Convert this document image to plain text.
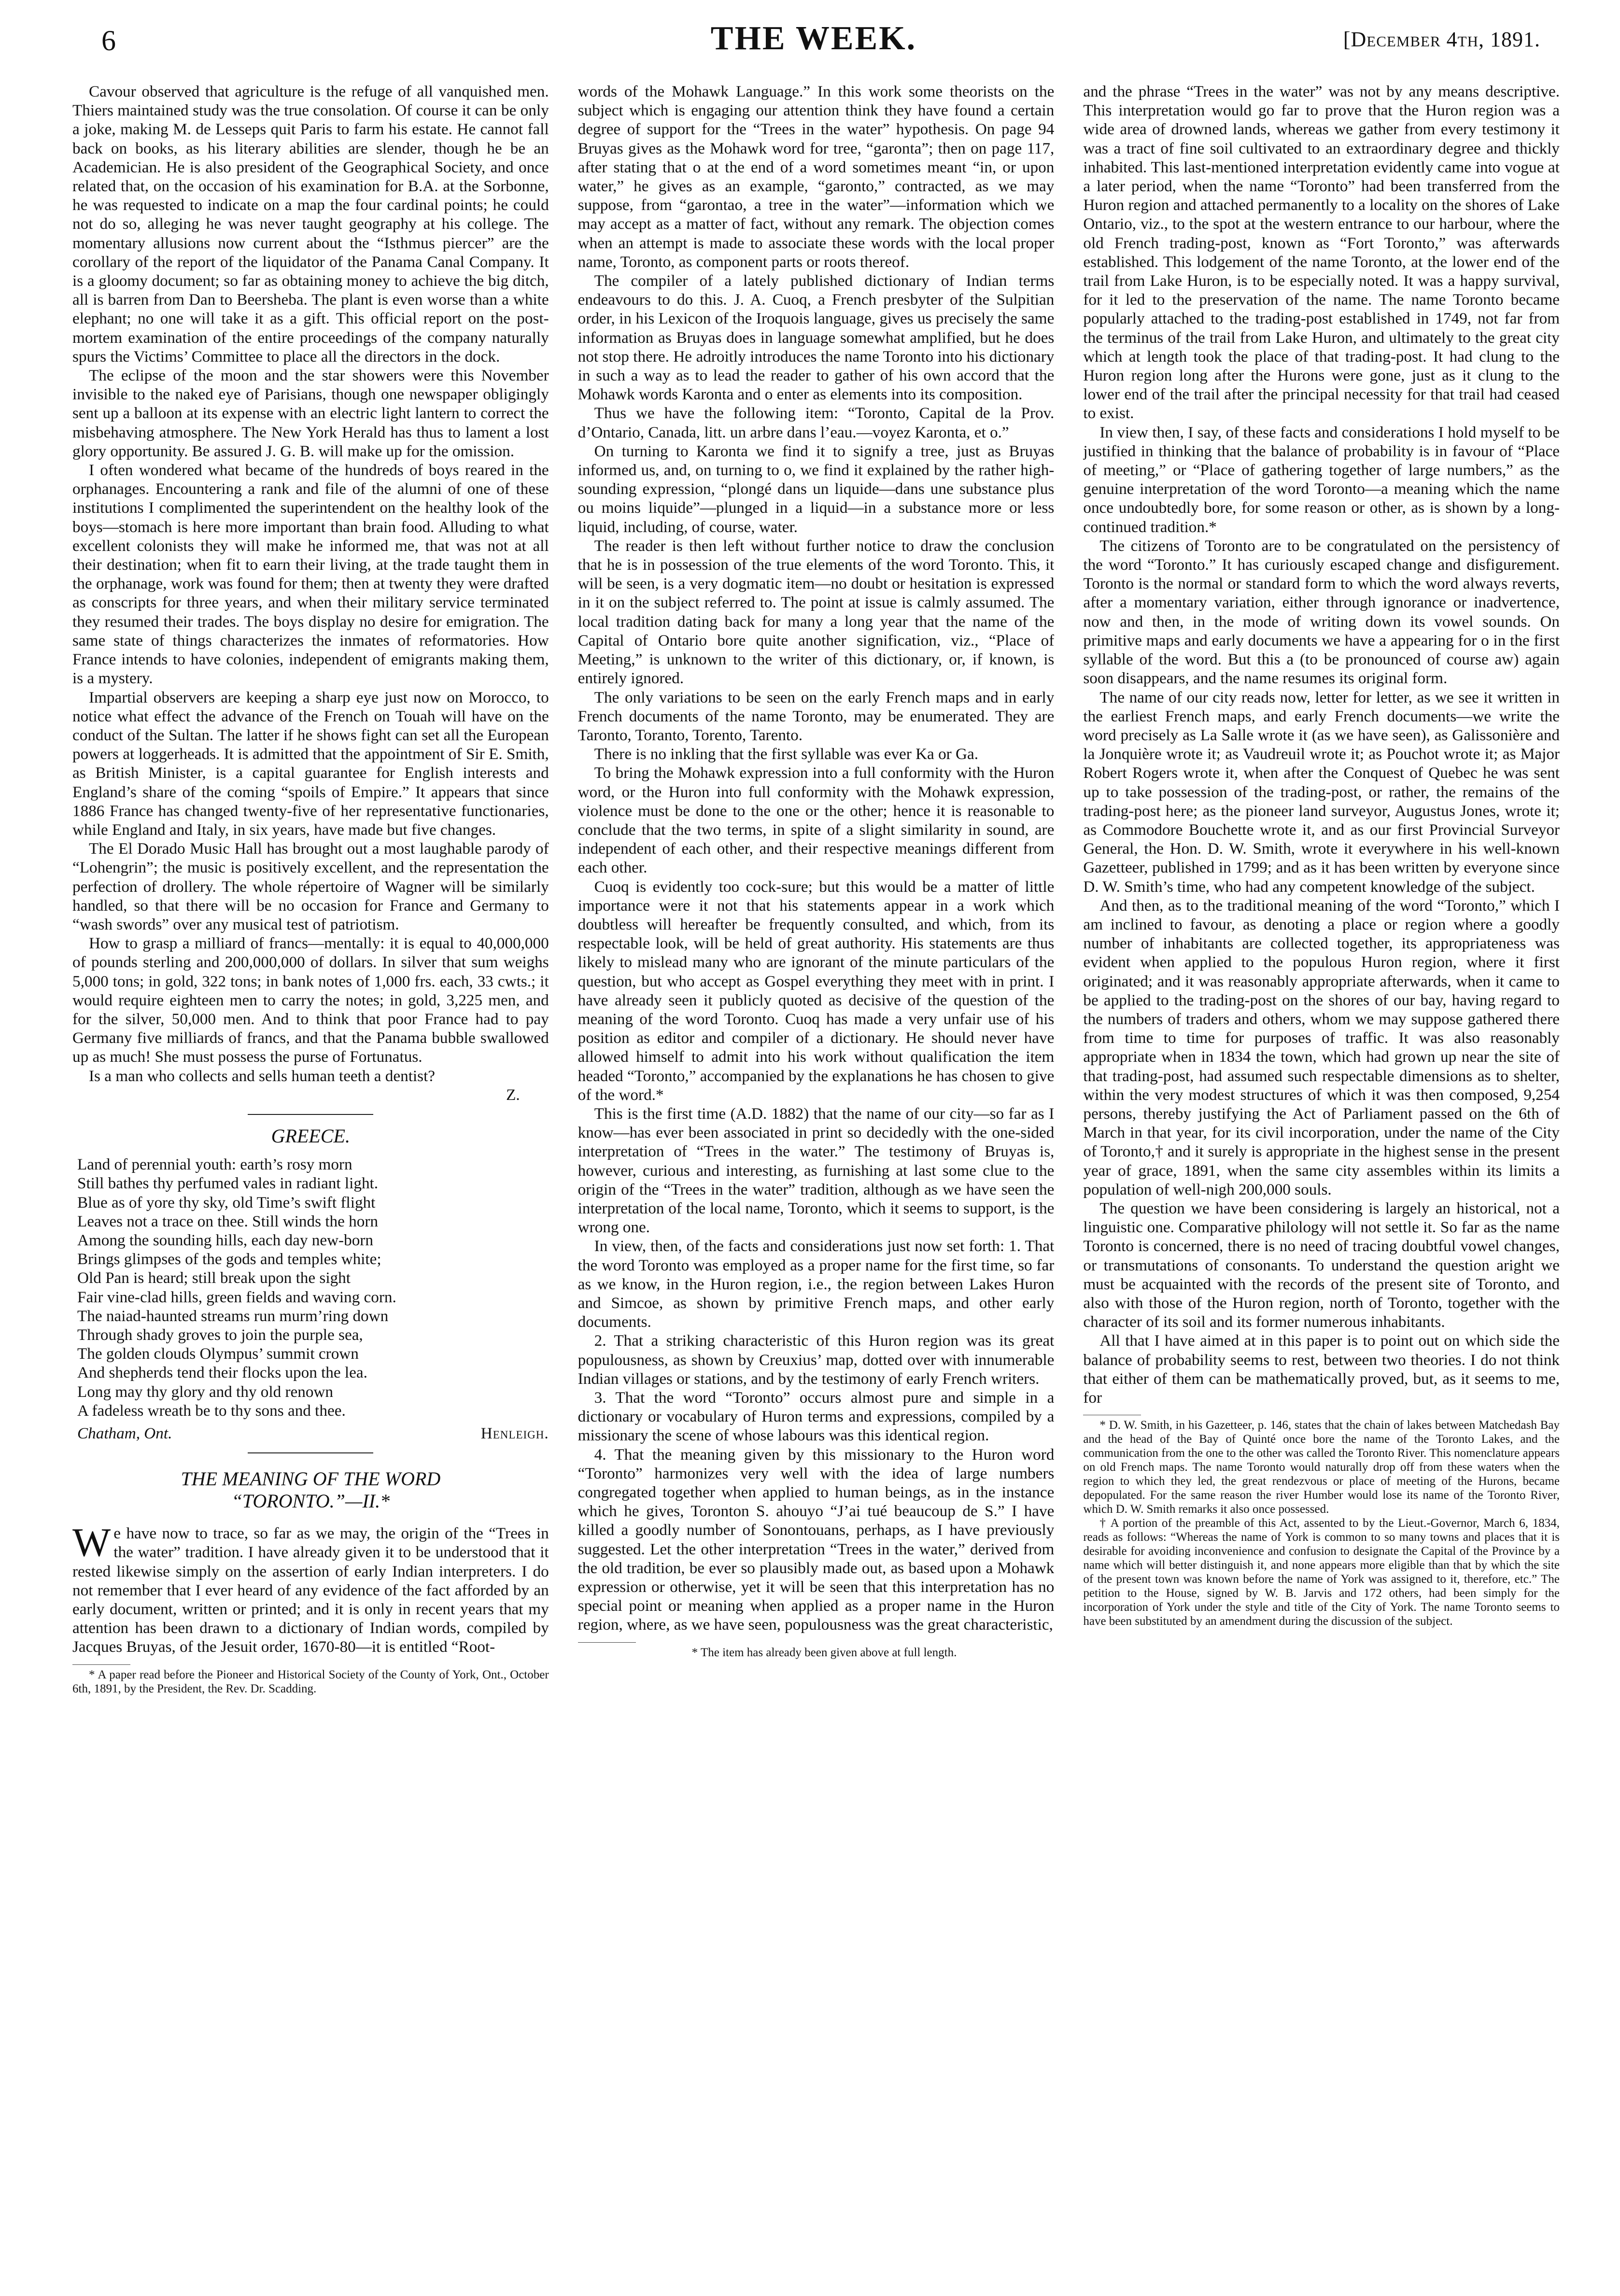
6	THE WEEK.	[December 4th, 1891.

Cavour observed that agriculture is the refuge of all vanquished men. Thiers maintained study was the true consolation. Of course it can be only a joke, making M. de Lesseps quit Paris to farm his estate. He cannot fall back on books, as his literary abilities are slender, though he be an Academician. He is also president of the Geographical Society, and once related that, on the occasion of his examination for B.A. at the Sorbonne, he was requested to indicate on a map the four cardinal points; he could not do so, alleging he was never taught geography at his college. The momentary allusions now current about the “Isthmus piercer” are the corollary of the report of the liquidator of the Panama Canal Company. It is a gloomy document; so far as obtaining money to achieve the big ditch, all is barren from Dan to Beersheba. The plant is even worse than a white elephant; no one will take it as a gift. This official report on the post-mortem examination of the entire proceedings of the company naturally spurs the Victims’ Committee to place all the directors in the dock.

The eclipse of the moon and the star showers were this November invisible to the naked eye of Parisians, though one newspaper obligingly sent up a balloon at its expense with an electric light lantern to correct the misbehaving atmosphere. The New York Herald has thus to lament a lost glory opportunity. Be assured J. G. B. will make up for the omission.

I often wondered what became of the hundreds of boys reared in the orphanages. Encountering a rank and file of the alumni of one of these institutions I complimented the superintendent on the healthy look of the boys—stomach is here more important than brain food. Alluding to what excellent colonists they will make he informed me, that was not at all their destination; when fit to earn their living, at the trade taught them in the orphanage, work was found for them; then at twenty they were drafted as conscripts for three years, and when their military service terminated they resumed their trades. The boys display no desire for emigration. The same state of things characterizes the inmates of reformatories. How France intends to have colonies, independent of emigrants making them, is a mystery.

Impartial observers are keeping a sharp eye just now on Morocco, to notice what effect the advance of the French on Touah will have on the conduct of the Sultan. The latter if he shows fight can set all the European powers at loggerheads. It is admitted that the appointment of Sir E. Smith, as British Minister, is a capital guarantee for English interests and England’s share of the coming “spoils of Empire.” It appears that since 1886 France has changed twenty-five of her representative functionaries, while England and Italy, in six years, have made but five changes.

The El Dorado Music Hall has brought out a most laughable parody of “Lohengrin”; the music is positively excellent, and the representation the perfection of drollery. The whole répertoire of Wagner will be similarly handled, so that there will be no occasion for France and Germany to “wash swords” over any musical test of patriotism.

How to grasp a milliard of francs—mentally: it is equal to 40,000,000 of pounds sterling and 200,000,000 of dollars. In silver that sum weighs 5,000 tons; in gold, 322 tons; in bank notes of 1,000 frs. each, 33 cwts.; it would require eighteen men to carry the notes; in gold, 3,225 men, and for the silver, 50,000 men. And to think that poor France had to pay Germany five milliards of francs, and that the Panama bubble swallowed up as much! She must possess the purse of Fortunatus.

Is a man who collects and sells human teeth a dentist?

Z.
GREECE.
Land of perennial youth: earth’s rosy morn
Still bathes thy perfumed vales in radiant light.
Blue as of yore thy sky, old Time’s swift flight
Leaves not a trace on thee. Still winds the horn
Among the sounding hills, each day new-born
Brings glimpses of the gods and temples white;
Old Pan is heard; still break upon the sight
Fair vine-clad hills, green fields and waving corn.
The naiad-haunted streams run murm’ring down
Through shady groves to join the purple sea,
The golden clouds Olympus’ summit crown
And shepherds tend their flocks upon the lea.
Long may thy glory and thy old renown
A fadeless wreath be to thy sons and thee.
Chatham, Ont.	Henleigh.
THE MEANING OF THE WORD
“TORONTO.”—II.*

We have now to trace, so far as we may, the origin of the “Trees in the water” tradition. I have already given it to be understood that it rested likewise simply on the assertion of early Indian interpreters. I do not remember that I ever heard of any evidence of the fact afforded by an early document, written or printed; and it is only in recent years that my attention has been drawn to a dictionary of Indian words, compiled by Jacques Bruyas, of the Jesuit order, 1670-80—it is entitled “Root-

* A paper read before the Pioneer and Historical Society of the County of York, Ont., October 6th, 1891, by the President, the Rev. Dr. Scadding.

words of the Mohawk Language.” In this work some theorists on the subject which is engaging our attention think they have found a certain degree of support for the “Trees in the water” hypothesis. On page 94 Bruyas gives as the Mohawk word for tree, “garonta”; then on page 117, after stating that o at the end of a word sometimes meant “in, or upon water,” he gives as an example, “garonto,” contracted, as we may suppose, from “garontao, a tree in the water”—information which we may accept as a matter of fact, without any remark. The objection comes when an attempt is made to associate these words with the local proper name, Toronto, as component parts or roots thereof.

The compiler of a lately published dictionary of Indian terms endeavours to do this. J. A. Cuoq, a French presbyter of the Sulpitian order, in his Lexicon of the Iroquois language, gives us precisely the same information as Bruyas does in language somewhat amplified, but he does not stop there. He adroitly introduces the name Toronto into his dictionary in such a way as to lead the reader to gather of his own accord that the Mohawk words Karonta and o enter as elements into its composition.

Thus we have the following item: “Toronto, Capital de la Prov. d’Ontario, Canada, litt. un arbre dans l’eau.—voyez Karonta, et o.”

On turning to Karonta we find it to signify a tree, just as Bruyas informed us, and, on turning to o, we find it explained by the rather high-sounding expression, “plongé dans un liquide—dans une substance plus ou moins liquide”—plunged in a liquid—in a substance more or less liquid, including, of course, water.

The reader is then left without further notice to draw the conclusion that he is in possession of the true elements of the word Toronto. This, it will be seen, is a very dogmatic item—no doubt or hesitation is expressed in it on the subject referred to. The point at issue is calmly assumed. The local tradition dating back for many a long year that the name of the Capital of Ontario bore quite another signification, viz., “Place of Meeting,” is unknown to the writer of this dictionary, or, if known, is entirely ignored.

The only variations to be seen on the early French maps and in early French documents of the name Toronto, may be enumerated. They are Taronto, Toranto, Torento, Tarento.

There is no inkling that the first syllable was ever Ka or Ga.

To bring the Mohawk expression into a full conformity with the Huron word, or the Huron into full conformity with the Mohawk expression, violence must be done to the one or the other; hence it is reasonable to conclude that the two terms, in spite of a slight similarity in sound, are independent of each other, and their respective meanings different from each other.

Cuoq is evidently too cock-sure; but this would be a matter of little importance were it not that his statements appear in a work which doubtless will hereafter be frequently consulted, and which, from its respectable look, will be held of great authority. His statements are thus likely to mislead many who are ignorant of the minute particulars of the question, but who accept as Gospel everything they meet with in print. I have already seen it publicly quoted as decisive of the question of the meaning of the word Toronto. Cuoq has made a very unfair use of his position as editor and compiler of a dictionary. He should never have allowed himself to admit into his work without qualification the item headed “Toronto,” accompanied by the explanations he has chosen to give of the word.*

This is the first time (A.D. 1882) that the name of our city—so far as I know—has ever been associated in print so decidedly with the one-sided interpretation of “Trees in the water.” The testimony of Bruyas is, however, curious and interesting, as furnishing at last some clue to the origin of the “Trees in the water” tradition, although as we have seen the interpretation of the local name, Toronto, which it seems to support, is the wrong one.

In view, then, of the facts and considerations just now set forth: 1. That the word Toronto was employed as a proper name for the first time, so far as we know, in the Huron region, i.e., the region between Lakes Huron and Simcoe, as shown by primitive French maps, and other early documents.

2. That a striking characteristic of this Huron region was its great populousness, as shown by Creuxius’ map, dotted over with innumerable Indian villages or stations, and by the testimony of early French writers.

3. That the word “Toronto” occurs almost pure and simple in a dictionary or vocabulary of Huron terms and expressions, compiled by a missionary the scene of whose labours was this identical region.

4. That the meaning given by this missionary to the Huron word “Toronto” harmonizes very well with the idea of large numbers congregated together when applied to human beings, as in the instance which he gives, Toronton S. ahouyo “J’ai tué beaucoup de S.” I have killed a goodly number of Sonontouans, perhaps, as I have previously suggested. Let the other interpretation “Trees in the water,” derived from the old tradition, be ever so plausibly made out, as based upon a Mohawk expression or otherwise, yet it will be seen that this interpretation has no special point or meaning when applied as a proper name in the Huron region, where, as we have seen, populousness was the great characteristic,

* The item has already been given above at full length.

and the phrase “Trees in the water” was not by any means descriptive. This interpretation would go far to prove that the Huron region was a wide area of drowned lands, whereas we gather from every testimony it was a tract of fine soil cultivated to an extraordinary degree and thickly inhabited. This last-mentioned interpretation evidently came into vogue at a later period, when the name “Toronto” had been transferred from the Huron region and attached permanently to a locality on the shores of Lake Ontario, viz., to the spot at the western entrance to our harbour, where the old French trading-post, known as “Fort Toronto,” was afterwards established. This lodgement of the name Toronto, at the lower end of the trail from Lake Huron, is to be especially noted. It was a happy survival, for it led to the preservation of the name. The name Toronto became popularly attached to the trading-post established in 1749, not far from the terminus of the trail from Lake Huron, and ultimately to the great city which at length took the place of that trading-post. It had clung to the Huron region long after the Hurons were gone, just as it clung to the lower end of the trail after the principal necessity for that trail had ceased to exist.

In view then, I say, of these facts and considerations I hold myself to be justified in thinking that the balance of probability is in favour of “Place of meeting,” or “Place of gathering together of large numbers,” as the genuine interpretation of the word Toronto—a meaning which the name once undoubtedly bore, for some reason or other, as is shown by a long-continued tradition.*

The citizens of Toronto are to be congratulated on the persistency of the word “Toronto.” It has curiously escaped change and disfigurement. Toronto is the normal or standard form to which the word always reverts, after a momentary variation, either through ignorance or inadvertence, now and then, in the mode of writing down its vowel sounds. On primitive maps and early documents we have a appearing for o in the first syllable of the word. But this a (to be pronounced of course aw) again soon disappears, and the name resumes its original form.

The name of our city reads now, letter for letter, as we see it written in the earliest French maps, and early French documents—we write the word precisely as La Salle wrote it (as we have seen), as Galissonière and la Jonquière wrote it; as Vaudreuil wrote it; as Pouchot wrote it; as Major Robert Rogers wrote it, when after the Conquest of Quebec he was sent up to take possession of the trading-post, or rather, the remains of the trading-post here; as the pioneer land surveyor, Augustus Jones, wrote it; as Commodore Bouchette wrote it, and as our first Provincial Surveyor General, the Hon. D. W. Smith, wrote it everywhere in his well-known Gazetteer, published in 1799; and as it has been written by everyone since D. W. Smith’s time, who had any competent knowledge of the subject.

And then, as to the traditional meaning of the word “Toronto,” which I am inclined to favour, as denoting a place or region where a goodly number of inhabitants are collected together, its appropriateness was evident when applied to the populous Huron region, where it first originated; and it was reasonably appropriate afterwards, when it came to be applied to the trading-post on the shores of our bay, having regard to the numbers of traders and others, whom we may suppose gathered there from time to time for purposes of traffic. It was also reasonably appropriate when in 1834 the town, which had grown up near the site of that trading-post, had assumed such respectable dimensions as to shelter, within the very modest structures of which it was then composed, 9,254 persons, thereby justifying the Act of Parliament passed on the 6th of March in that year, for its civil incorporation, under the name of the City of Toronto,† and it surely is appropriate in the highest sense in the present year of grace, 1891, when the same city assembles within its limits a population of well-nigh 200,000 souls.

The question we have been considering is largely an historical, not a linguistic one. Comparative philology will not settle it. So far as the name Toronto is concerned, there is no need of tracing doubtful vowel changes, or transmutations of consonants. To understand the question aright we must be acquainted with the records of the present site of Toronto, and also with those of the Huron region, north of Toronto, together with the character of its soil and its former numerous inhabitants.

All that I have aimed at in this paper is to point out on which side the balance of probability seems to rest, between two theories. I do not think that either of them can be mathematically proved, but, as it seems to me, for

* D. W. Smith, in his Gazetteer, p. 146, states that the chain of lakes between Matchedash Bay and the head of the Bay of Quinté once bore the name of the Toronto Lakes, and the communication from the one to the other was called the Toronto River. This nomenclature appears on old French maps. The name Toronto would naturally drop off from these waters when the region to which they led, the great rendezvous or place of meeting of the Hurons, became depopulated. For the same reason the river Humber would lose its name of the Toronto River, which D. W. Smith remarks it also once possessed.

† A portion of the preamble of this Act, assented to by the Lieut.-Governor, March 6, 1834, reads as follows: “Whereas the name of York is common to so many towns and places that it is desirable for avoiding inconvenience and confusion to designate the Capital of the Province by a name which will better distinguish it, and none appears more eligible than that by which the site of the present town was known before the name of York was assigned to it, therefore, etc.” The petition to the House, signed by W. B. Jarvis and 172 others, had been simply for the incorporation of York under the style and title of the City of York. The name Toronto seems to have been substituted by an amendment during the discussion of the subject.
